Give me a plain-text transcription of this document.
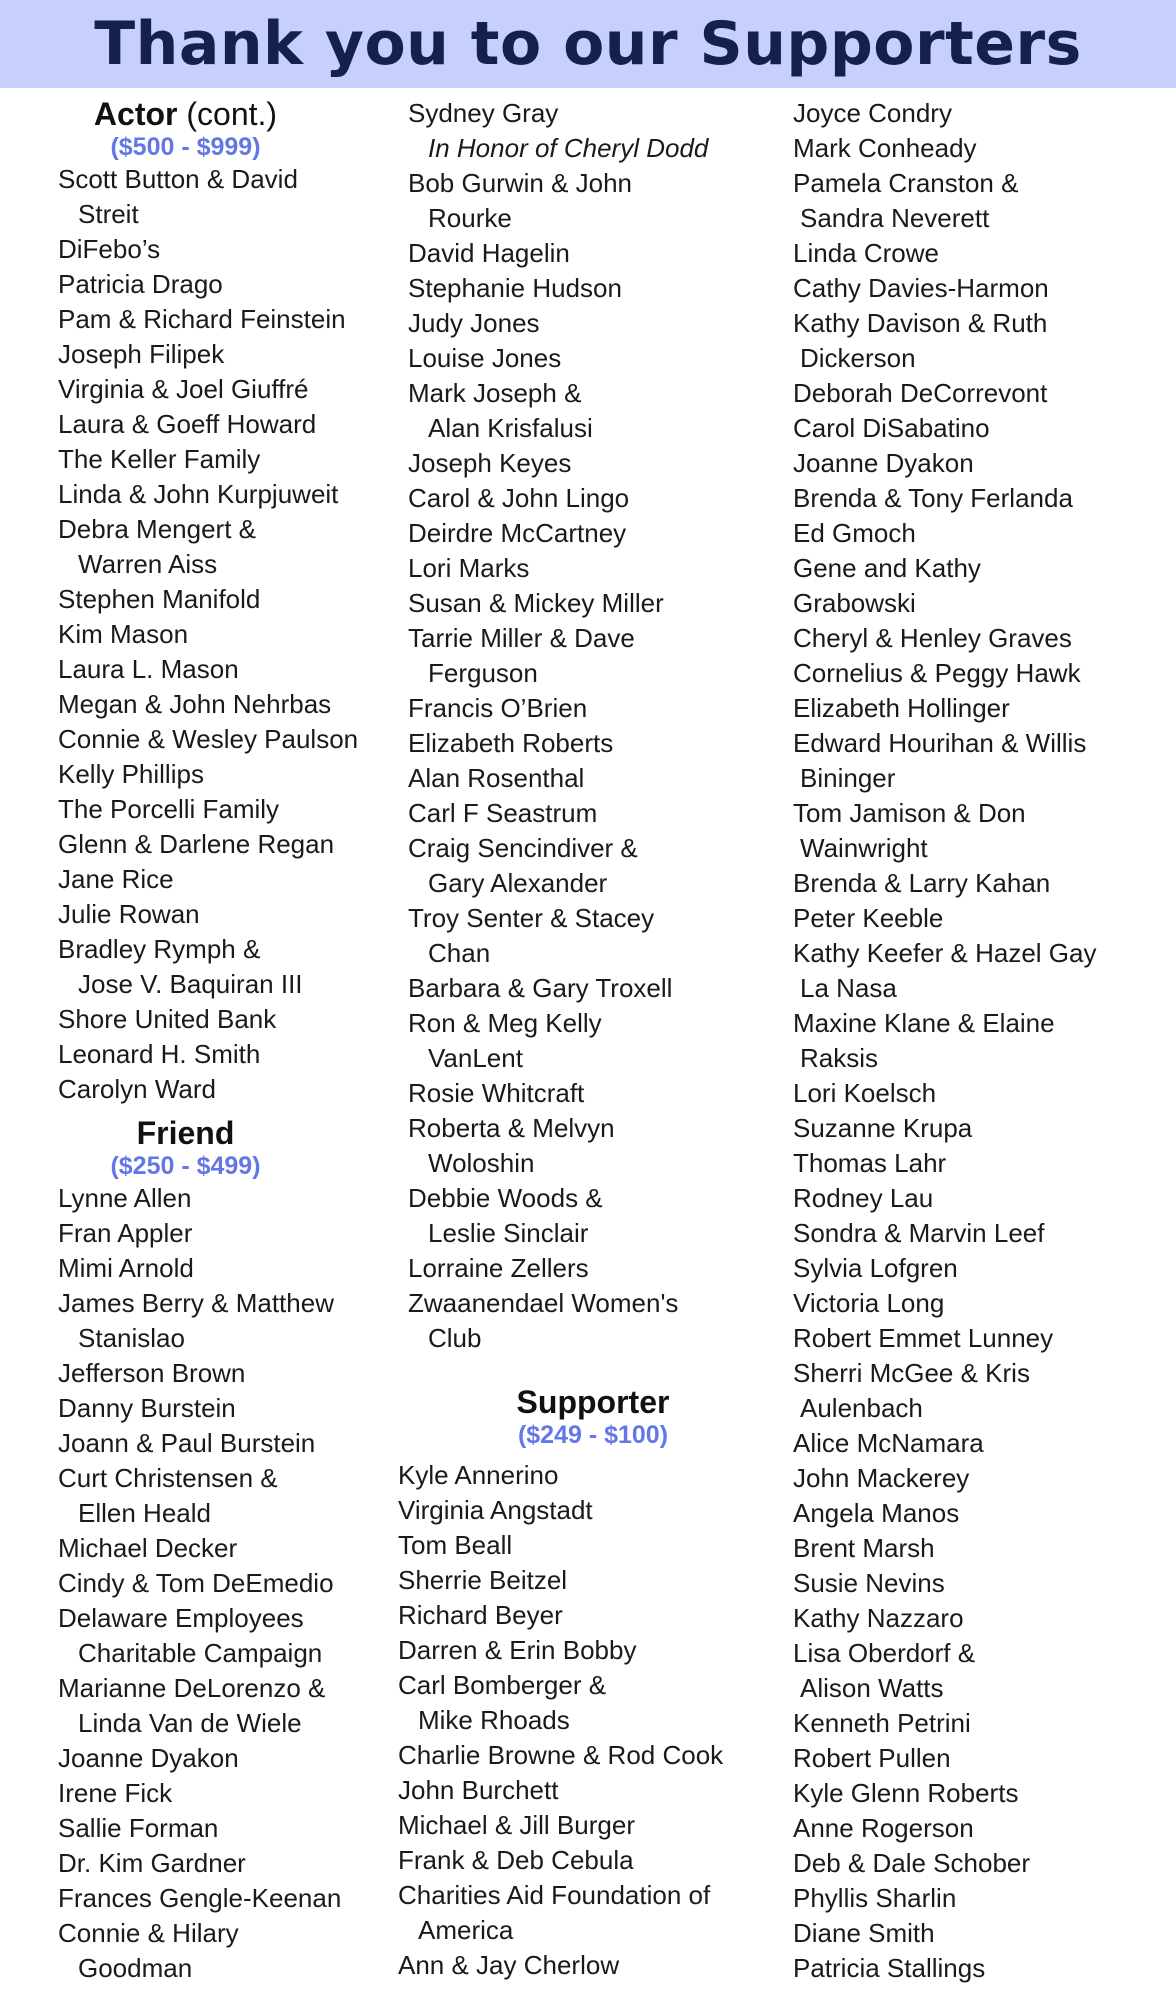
Thank you to our Supporters
Actor (cont.)
($500 - $999)
Scott Button & David
Streit
DiFebo’s
Patricia Drago
Pam & Richard Feinstein
Joseph Filipek
Virginia & Joel Giuffré
Laura & Goeff Howard
The Keller Family
Linda & John Kurpjuweit
Debra Mengert &
Warren Aiss
Stephen Manifold
Kim Mason
Laura L. Mason
Megan & John Nehrbas
Connie & Wesley Paulson
Kelly Phillips
The Porcelli Family
Glenn & Darlene Regan
Jane Rice
Julie Rowan
Bradley Rymph &
Jose V. Baquiran III
Shore United Bank
Leonard H. Smith
Carolyn Ward
Friend
($250 - $499)
Lynne Allen
Fran Appler
Mimi Arnold
James Berry & Matthew
Stanislao
Jefferson Brown
Danny Burstein
Joann & Paul Burstein
Curt Christensen &
Ellen Heald
Michael Decker
Cindy & Tom DeEmedio
Delaware Employees
Charitable Campaign
Marianne DeLorenzo &
Linda Van de Wiele
Joanne Dyakon
Irene Fick
Sallie Forman
Dr. Kim Gardner
Frances Gengle-Keenan
Connie & Hilary
Goodman
Sydney Gray
In Honor of Cheryl Dodd
Bob Gurwin & John
Rourke
David Hagelin
Stephanie Hudson
Judy Jones
Louise Jones
Mark Joseph &
Alan Krisfalusi
Joseph Keyes
Carol & John Lingo
Deirdre McCartney
Lori Marks
Susan & Mickey Miller
Tarrie Miller & Dave
Ferguson
Francis O’Brien
Elizabeth Roberts
Alan Rosenthal
Carl F Seastrum
Craig Sencindiver &
Gary Alexander
Troy Senter & Stacey
Chan
Barbara & Gary Troxell
Ron & Meg Kelly
VanLent
Rosie Whitcraft
Roberta & Melvyn
Woloshin
Debbie Woods &
Leslie Sinclair
Lorraine Zellers
Zwaanendael Women's
Club
Supporter
($249 - $100)
Kyle Annerino
Virginia Angstadt
Tom Beall
Sherrie Beitzel
Richard Beyer
Darren & Erin Bobby
Carl Bomberger &
Mike Rhoads
Charlie Browne & Rod Cook
John Burchett
Michael & Jill Burger
Frank & Deb Cebula
Charities Aid Foundation of
America
Ann & Jay Cherlow
Joyce Condry
Mark Conheady
Pamela Cranston &
Sandra Neverett
Linda Crowe
Cathy Davies-Harmon
Kathy Davison & Ruth
Dickerson
Deborah DeCorrevont
Carol DiSabatino
Joanne Dyakon
Brenda & Tony Ferlanda
Ed Gmoch
Gene and Kathy
Grabowski
Cheryl & Henley Graves
Cornelius & Peggy Hawk
Elizabeth Hollinger
Edward Hourihan & Willis
Bininger
Tom Jamison & Don
Wainwright
Brenda & Larry Kahan
Peter Keeble
Kathy Keefer & Hazel Gay
La Nasa
Maxine Klane & Elaine
Raksis
Lori Koelsch
Suzanne Krupa
Thomas Lahr
Rodney Lau
Sondra & Marvin Leef
Sylvia Lofgren
Victoria Long
Robert Emmet Lunney
Sherri McGee & Kris
Aulenbach
Alice McNamara
John Mackerey
Angela Manos
Brent Marsh
Susie Nevins
Kathy Nazzaro
Lisa Oberdorf &
Alison Watts
Kenneth Petrini
Robert Pullen
Kyle Glenn Roberts
Anne Rogerson
Deb & Dale Schober
Phyllis Sharlin
Diane Smith
Patricia Stallings
